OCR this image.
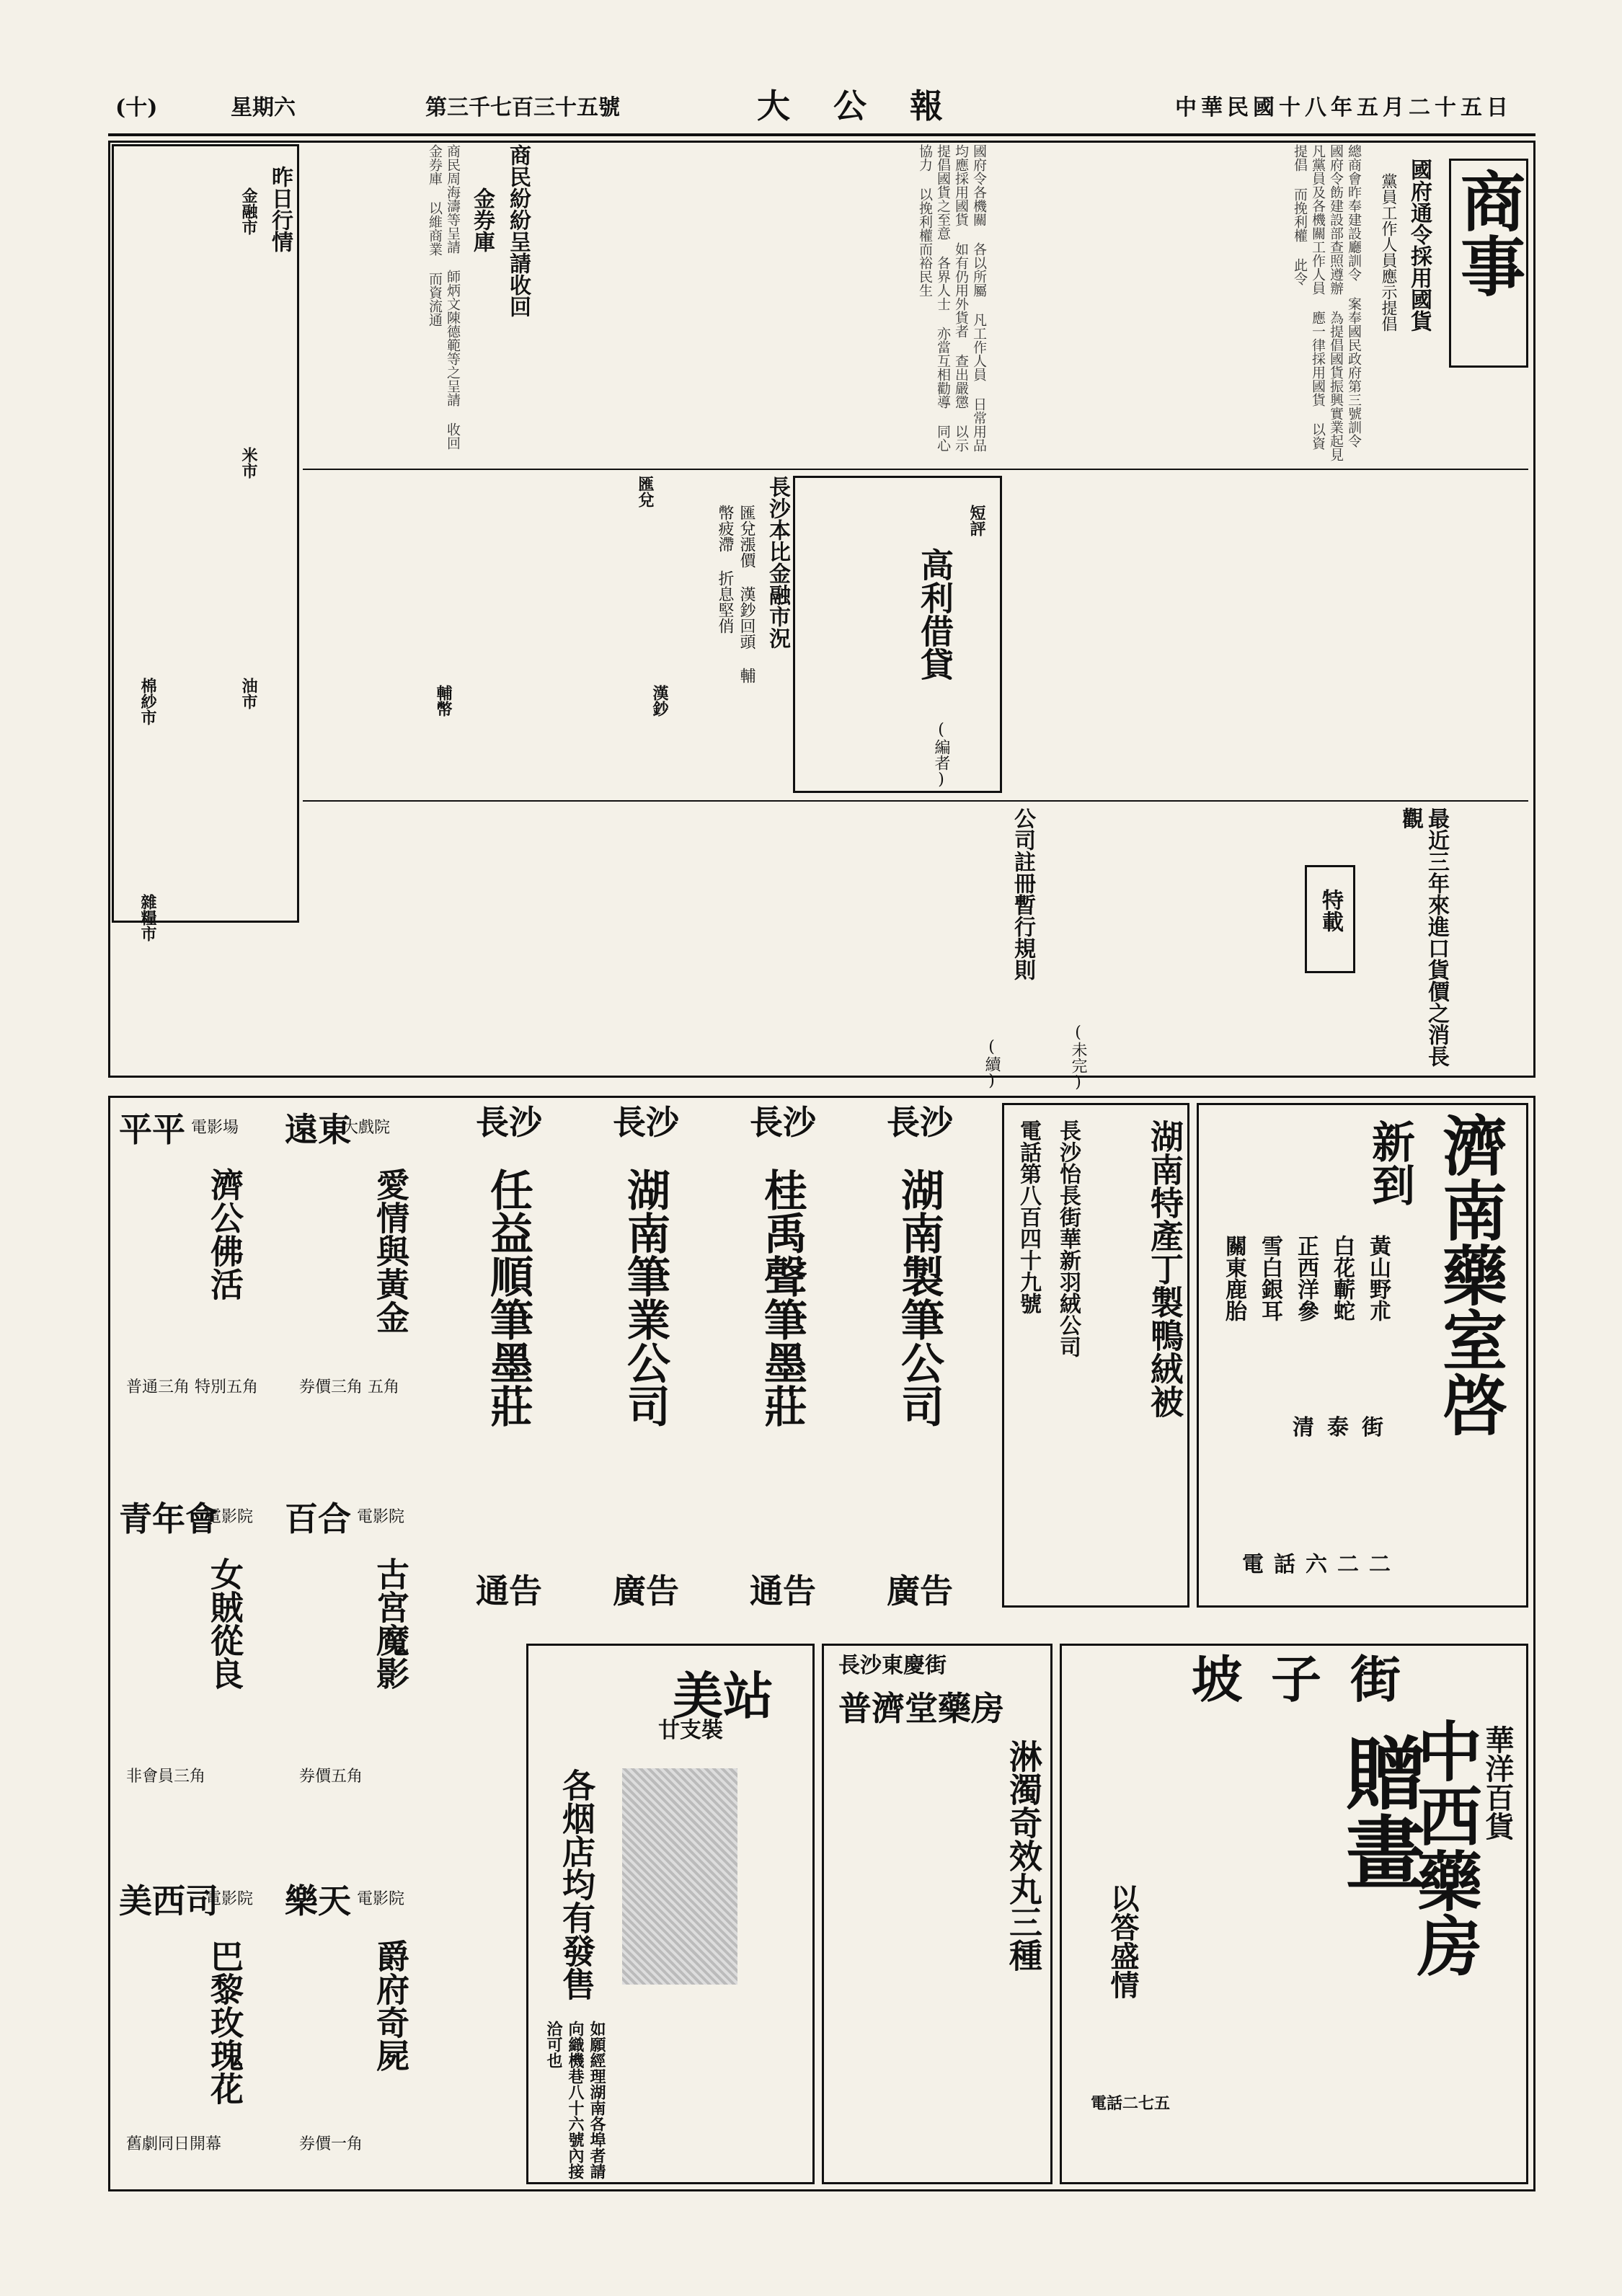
(十)	星期六	第三千七百三十五號	大公報	中華民國十八年五月二十五日
商事
國府通令採用國貨
黨員工作人員應示提倡
總商會昨奉建設廳訓令 案奉國民政府第三號訓令 國府令飭建設部查照遵辦 為提倡國貨振興實業起見 凡黨員及各機關工作人員 應一律採用國貨 以資提倡 而挽利權 此令
國府令各機關 各以所屬 凡工作人員 日常用品 均應採用國貨 如有仍用外貨者 查出嚴懲 以示提倡國貨之至意 各界人士 亦當互相勸導 同心協力 以挽利權而裕民生
商民紛紛呈請收回
金券庫
商民周海濤等呈請 師炳文陳德範等之呈請 收回金券庫 以維商業 而資流通
昨日行情
金融市
米市
油市
棉紗市
雜糧市
長沙本比金融市況
匯兌漲價 漢鈔回頭 輔幣疲滯 折息堅俏
匯兌
漢鈔
輔幣
短評
高利借貸
(編者)
特載	最近三年來進口貨價之消長觀
(未完)
公司註冊暫行規則
(續)
濟南藥室啓
新到
黃山野朮
白花蘄蛇
正西洋參
雪白銀耳
關東鹿胎
清泰街
電話六二二
湖南特產丁製鴨絨被
長沙怡長街華新羽絨公司
電話第八百四十九號
長沙
湖南製筆公司
廣告
長沙
桂禹聲筆墨莊
通告
長沙
湖南筆業公司
廣告
長沙
任益順筆墨莊
通告
坡子街
中西藥房
贈畫 華洋百貨
以答盛情
電話二七五
長沙東慶街
普濟堂藥房
淋濁奇效丸三種
美站
廿支裝
各烟店均有發售
如願經理湖南各埠者請向織機巷八十六號內接洽可也
遠東
大戲院
愛情與黃金
券價三角 五角
平平 電影場
濟公佛活
普通三角 特別五角
百合 電影院
古宮魔影
券價五角
青年會
電影院
女賊從良
非會員三角
樂天 電影院
爵府奇屍
券價一角
美西司
電影院
巴黎玫瑰花
舊劇同日開幕
